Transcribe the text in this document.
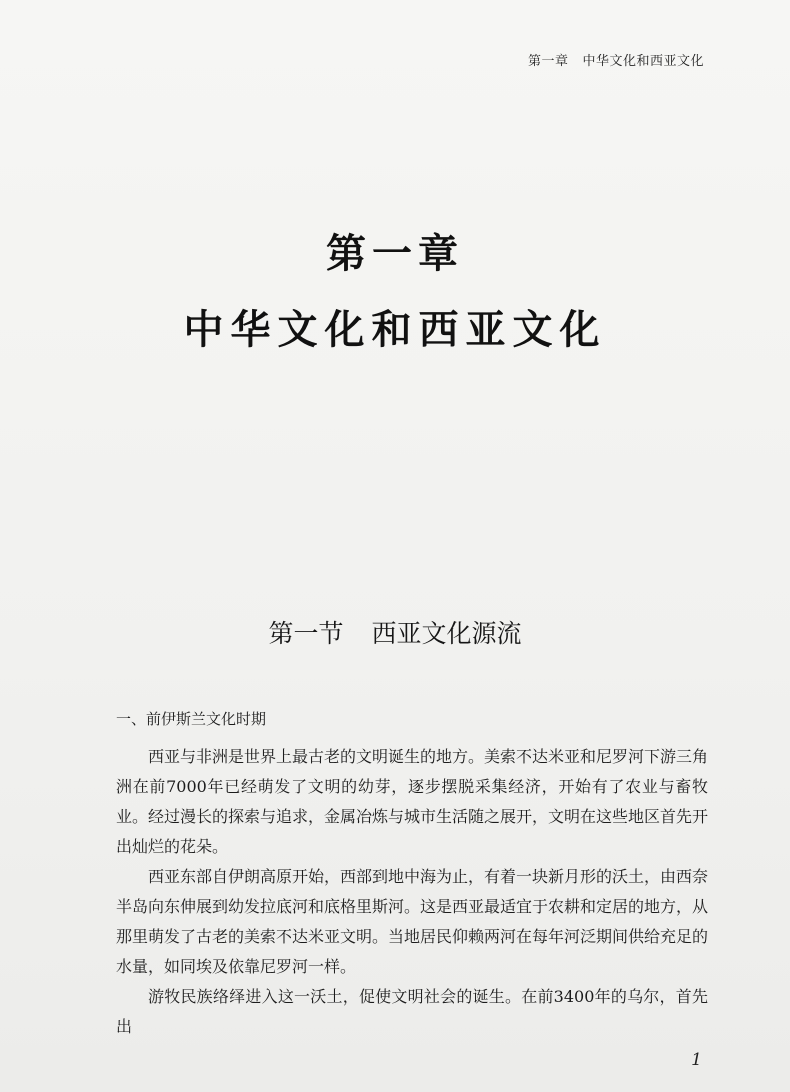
第一章 中华文化和西亚文化
第一章
中华文化和西亚文化
第一节 西亚文化源流
一、前伊斯兰文化时期

西亚与非洲是世界上最古老的文明诞生的地方。美索不达米亚和尼罗河下游三角洲在前7000年已经萌发了文明的幼芽，逐步摆脱采集经济，开始有了农业与畜牧业。经过漫长的探索与追求，金属冶炼与城市生活随之展开，文明在这些地区首先开出灿烂的花朵。

西亚东部自伊朗高原开始，西部到地中海为止，有着一块新月形的沃土，由西奈半岛向东伸展到幼发拉底河和底格里斯河。这是西亚最适宜于农耕和定居的地方，从那里萌发了古老的美索不达米亚文明。当地居民仰赖两河在每年河泛期间供给充足的水量，如同埃及依靠尼罗河一样。

游牧民族络绎进入这一沃土，促使文明社会的诞生。在前3400年的乌尔，首先出

1
